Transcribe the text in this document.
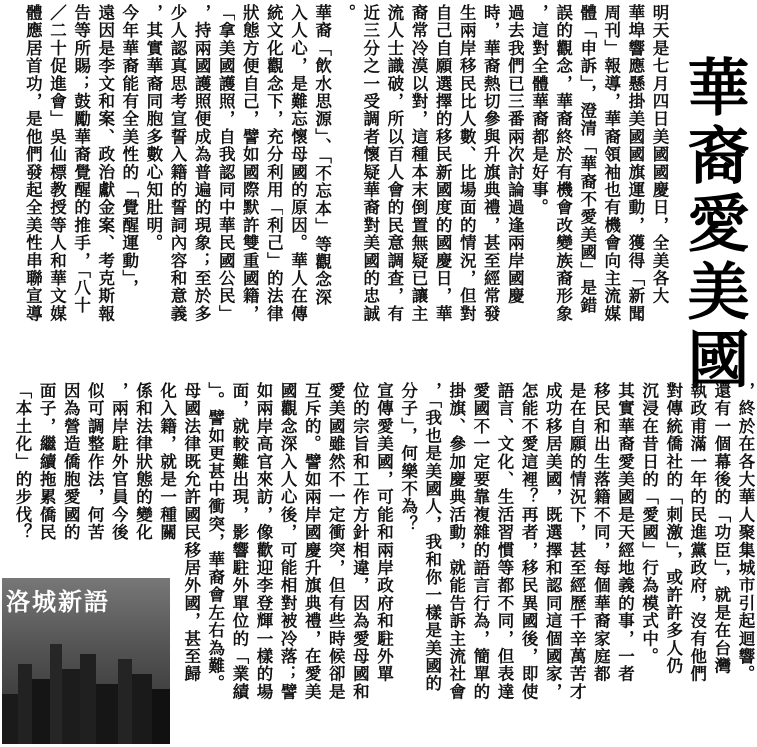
華裔愛美國
明天是七月四日美國國慶日，全美各大
華埠響應懸掛美國國旗運動，獲得「新聞
周刊」報導，華裔領袖也有機會向主流媒
體「申訴」，澄清「華裔不愛美國」是錯
誤的觀念，華裔終於有機會改變族裔形象
，這對全體華裔都是好事。
過去我們已三番兩次討論過逢兩岸國慶
時，華裔熱切參與升旗典禮，甚至經常發
生兩岸移民比人數、比場面的情況，但對
自己自願選擇的移民新國度的國慶日，華
裔常冷漠以對，這種本末倒置無疑已讓主
流人士識破，所以百人會的民意調查，有
近三分之一受調者懷疑華裔對美國的忠誠
。
華裔「飲水思源」、「不忘本」等觀念深
入人心，是難忘懷母國的原因。華人在傳
統文化觀念下，充分利用「利己」的法律
狀態方便自己，譬如國際默許雙重國籍，
「拿美國護照，自我認同中華民國公民」
，持兩國護照便成為普遍的現象；至於多
少人認真思考宣誓入籍的誓詞內容和意義
，其實華裔同胞多數心知肚明。
今年華裔能有全美性的「覺醒運動」，
遠因是李文和案、政治獻金案、考克斯報
告等所賜；鼓勵華裔覺醒的推手，「八十
／二十促進會」吳仙標教授等人和華文媒
體應居首功，是他們發起全美性串聯宣導
，終於在各大華人聚集城市引起迴響。
還有一個幕後的「功臣」，就是在台灣
執政甫滿一年的民進黨政府，沒有他們
對傳統僑社的「刺激」，或許許多人仍
沉浸在昔日的「愛國」行為模式中。
其實華裔愛美國是天經地義的事，一者
移民和出生落籍不同，每個華裔家庭都
是在自願的情況下，甚至經歷千辛萬苦才
成功移居美國，既選擇和認同這個國家，
怎能不愛這裡？再者，移民異國後，即使
語言、文化、生活習慣等都不同，但表達
愛國不一定要靠複雜的語言行為，簡單的
掛旗、參加慶典活動，就能告訴主流社會
，「我也是美國人，我和你一樣是美國的
分子」，何樂不為？
宣傳愛美國，可能和兩岸政府和駐外單
位的宗旨和工作方針相違，因為愛母國和
愛美國雖然不一定衝突，但有些時候卻是
互斥的。譬如兩岸國慶升旗典禮，在愛美
國觀念深入人心後，可能相對被冷落；譬
如兩岸高官來訪，像歡迎李登輝一樣的場
面，就較難出現，影響駐外單位的「業績
」。譬如更甚中衝突，華裔會左右為難。
母國法律既允許國民移居外國，甚至歸
化入籍，就是一種關
係和法律狀態的變化
，兩岸駐外官員今後
似可調整作法，何苦
因為營造僑胞愛國的
面子，繼續拖累僑民
「本土化」的步伐？
洛城新語
